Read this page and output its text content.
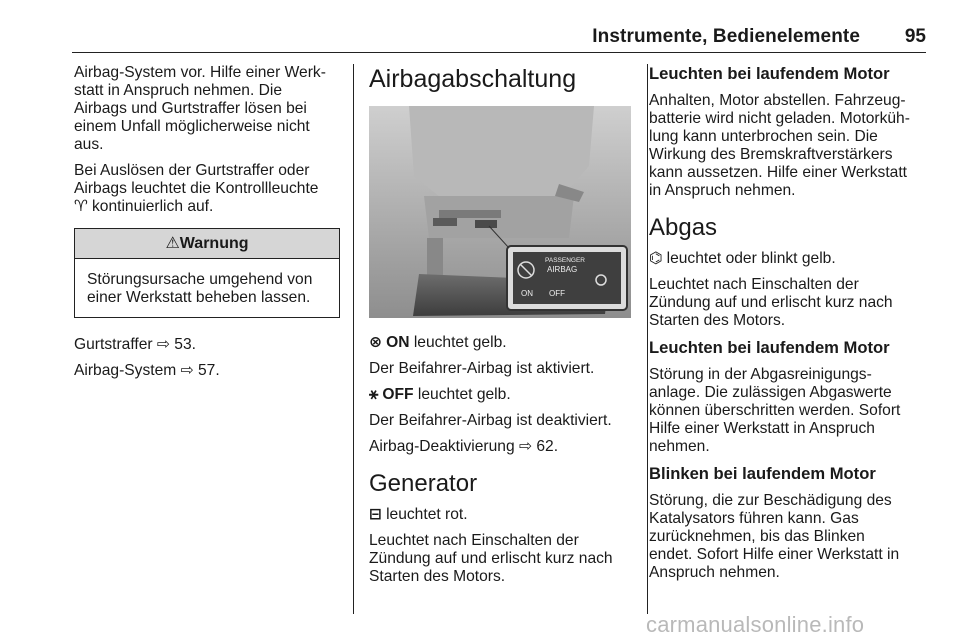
Instrumente, Bedienelemente 95

Airbag-System vor. Hilfe einer Werk-
statt in Anspruch nehmen. Die
Airbags und Gurtstraffer lösen bei
einem Unfall möglicherweise nicht
aus.

Bei Auslösen der Gurtstraffer oder
Airbags leuchtet die Kontrollleuchte
♈ kontinuierlich auf.

⚠Warnung
Störungsursache umgehend von
einer Werkstatt beheben lassen.

Gurtstraffer ⇨ 53.

Airbag-System ⇨ 57.

Airbagabschaltung
PASSENGER
AIRBAG
ON OFF

⊗ ON leuchtet gelb.

Der Beifahrer-Airbag ist aktiviert.

⚹ OFF leuchtet gelb.

Der Beifahrer-Airbag ist deaktiviert.

Airbag-Deaktivierung ⇨ 62.

Generator

⊟ leuchtet rot.

Leuchtet nach Einschalten der
Zündung auf und erlischt kurz nach
Starten des Motors.

Leuchten bei laufendem Motor

Anhalten, Motor abstellen. Fahrzeug-
batterie wird nicht geladen. Motorküh-
lung kann unterbrochen sein. Die
Wirkung des Bremskraftverstärkers
kann aussetzen. Hilfe einer Werkstatt
in Anspruch nehmen.

Abgas

⌬ leuchtet oder blinkt gelb.

Leuchtet nach Einschalten der
Zündung auf und erlischt kurz nach
Starten des Motors.

Leuchten bei laufendem Motor

Störung in der Abgasreinigungs-
anlage. Die zulässigen Abgaswerte
können überschritten werden. Sofort
Hilfe einer Werkstatt in Anspruch
nehmen.

Blinken bei laufendem Motor

Störung, die zur Beschädigung des
Katalysators führen kann. Gas
zurücknehmen, bis das Blinken
endet. Sofort Hilfe einer Werkstatt in
Anspruch nehmen.

carmanualsonline.info
